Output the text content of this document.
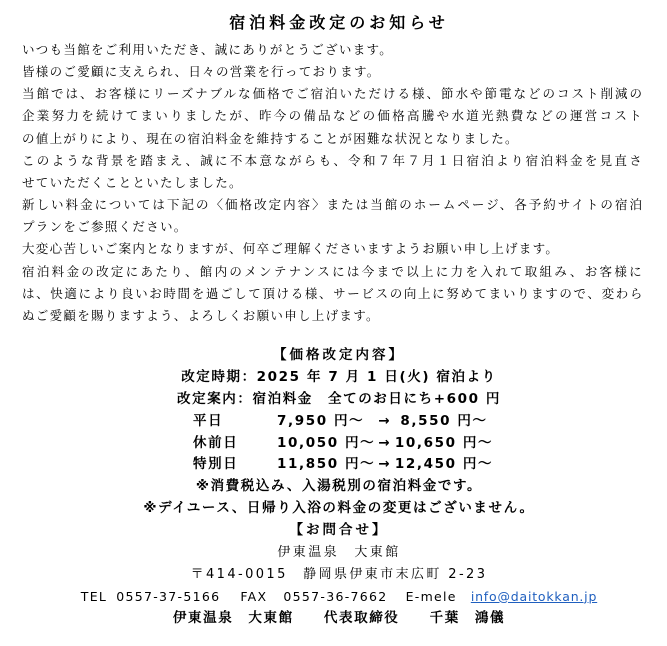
宿泊料金改定のお知らせ
いつも当館をご利用いただき、誠にありがとうございます。
皆様のご愛顧に支えられ、日々の営業を行っております。
当館では、お客様にリーズナブルな価格でご宿泊いただける様、節水や節電などのコスト削減の
企業努力を続けてまいりましたが、昨今の備品などの価格高騰や水道光熱費などの運営コスト
の値上がりにより、現在の宿泊料金を維持することが困難な状況となりました。
このような背景を踏まえ、誠に不本意ながらも、令和７年７月１日宿泊より宿泊料金を見直さ
せていただくことといたしました。
新しい料金については下記の〈価格改定内容〉または当館のホームページ、各予約サイトの宿泊
プランをご参照ください。
大変心苦しいご案内となりますが、何卒ご理解くださいますようお願い申し上げます。
宿泊料金の改定にあたり、館内のメンテナンスには今まで以上に力を入れて取組み、お客様に
は、快適により良いお時間を過ごして頂ける様、サービスの向上に努めてまいりますので、変わら
ぬご愛顧を賜りますよう、よろしくお願い申し上げます。
【価格改定内容】
改定時期：2025 年 7 月 1 日(火) 宿泊より
改定案内：宿泊料金　全てのお日にち+600 円
平日	7,950 円～	→ 8,550 円～
休前日	10,050 円～ → 10,650 円～
特別日	11,850 円～ → 12,450 円～
※消費税込み、入湯税別の宿泊料金です。
※デイユース、日帰り入浴の料金の変更はございません。
【お問合せ】
伊東温泉　大東館
〒414-0015　静岡県伊東市末広町 2-23
TEL 0557-37-5166 FAX 0557-36-7662 E-mele info@daitokkan.jp
伊東温泉　大東館　　代表取締役　　千葉　鴻儀
